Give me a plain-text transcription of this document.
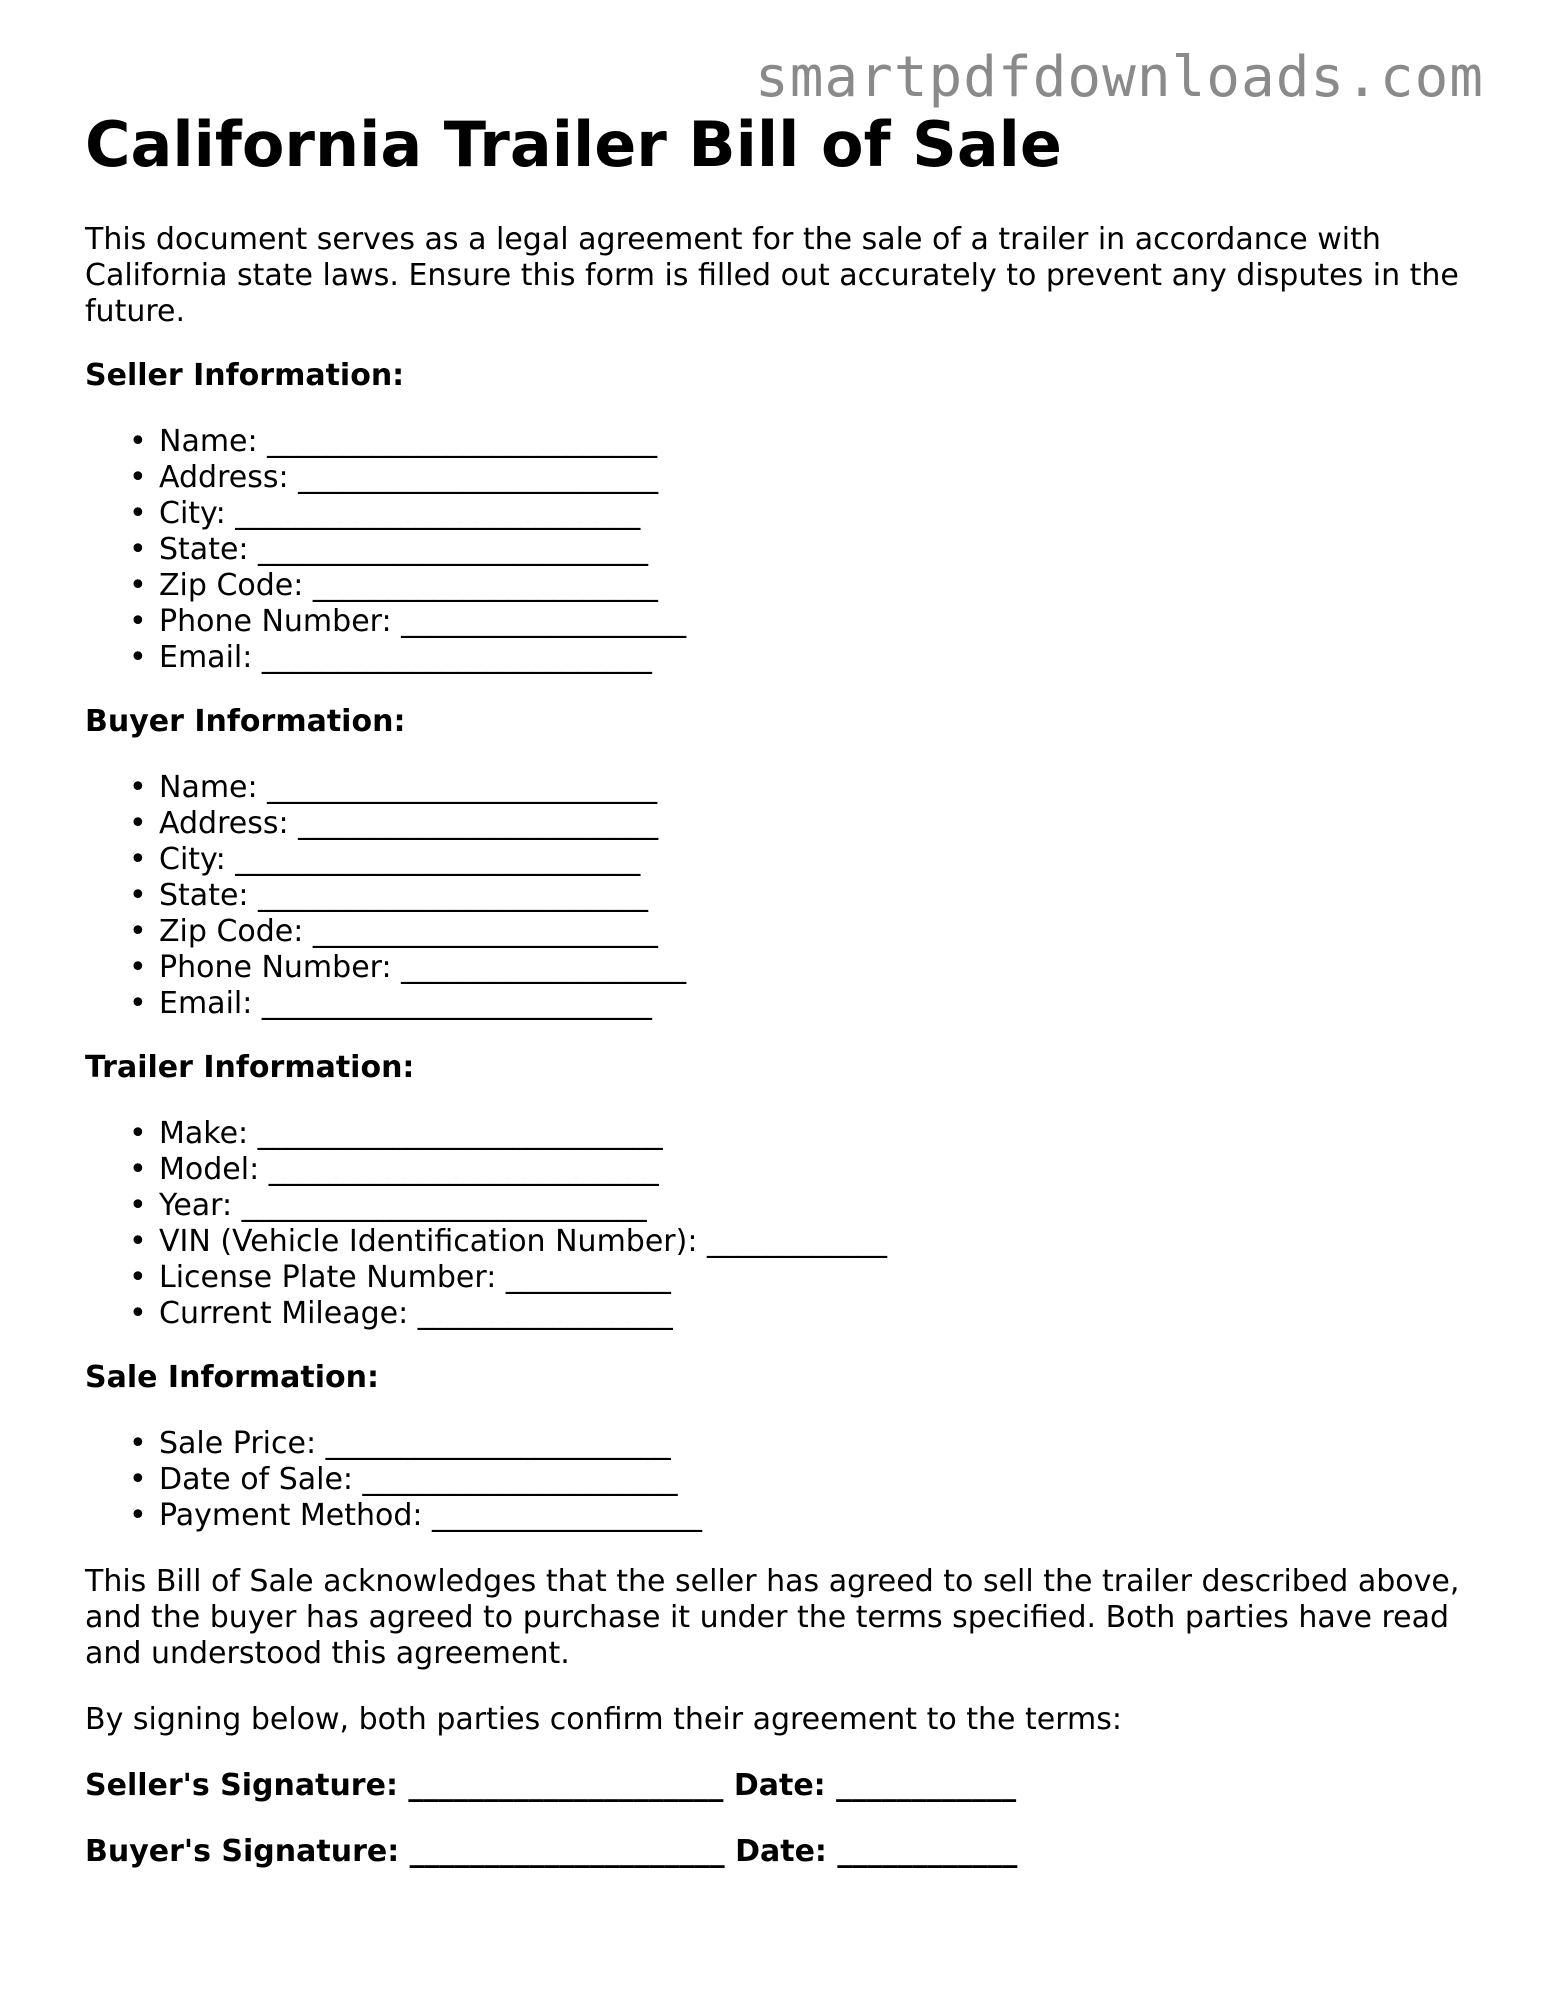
smartpdfdownloads.com
California Trailer Bill of Sale

This document serves as a legal agreement for the sale of a trailer in accordance with California state laws. Ensure this form is filled out accurately to prevent any disputes in the future.

Seller Information:
• Name: __________________________
• Address: ________________________
• City: ___________________________
• State: __________________________
• Zip Code: _______________________
• Phone Number: ___________________
• Email: __________________________
Buyer Information:
• Name: __________________________
• Address: ________________________
• City: ___________________________
• State: __________________________
• Zip Code: _______________________
• Phone Number: ___________________
• Email: __________________________
Trailer Information:
• Make: ___________________________
• Model: __________________________
• Year: ___________________________
• VIN (Vehicle Identification Number): ____________
• License Plate Number: ___________
• Current Mileage: _________________
Sale Information:
• Sale Price: _______________________
• Date of Sale: _____________________
• Payment Method: __________________

This Bill of Sale acknowledges that the seller has agreed to sell the trailer described above, and the buyer has agreed to purchase it under the terms specified. Both parties have read and understood this agreement.

By signing below, both parties confirm their agreement to the terms:

Seller's Signature: _____________________ Date: ____________
Buyer's Signature: _____________________ Date: ____________
